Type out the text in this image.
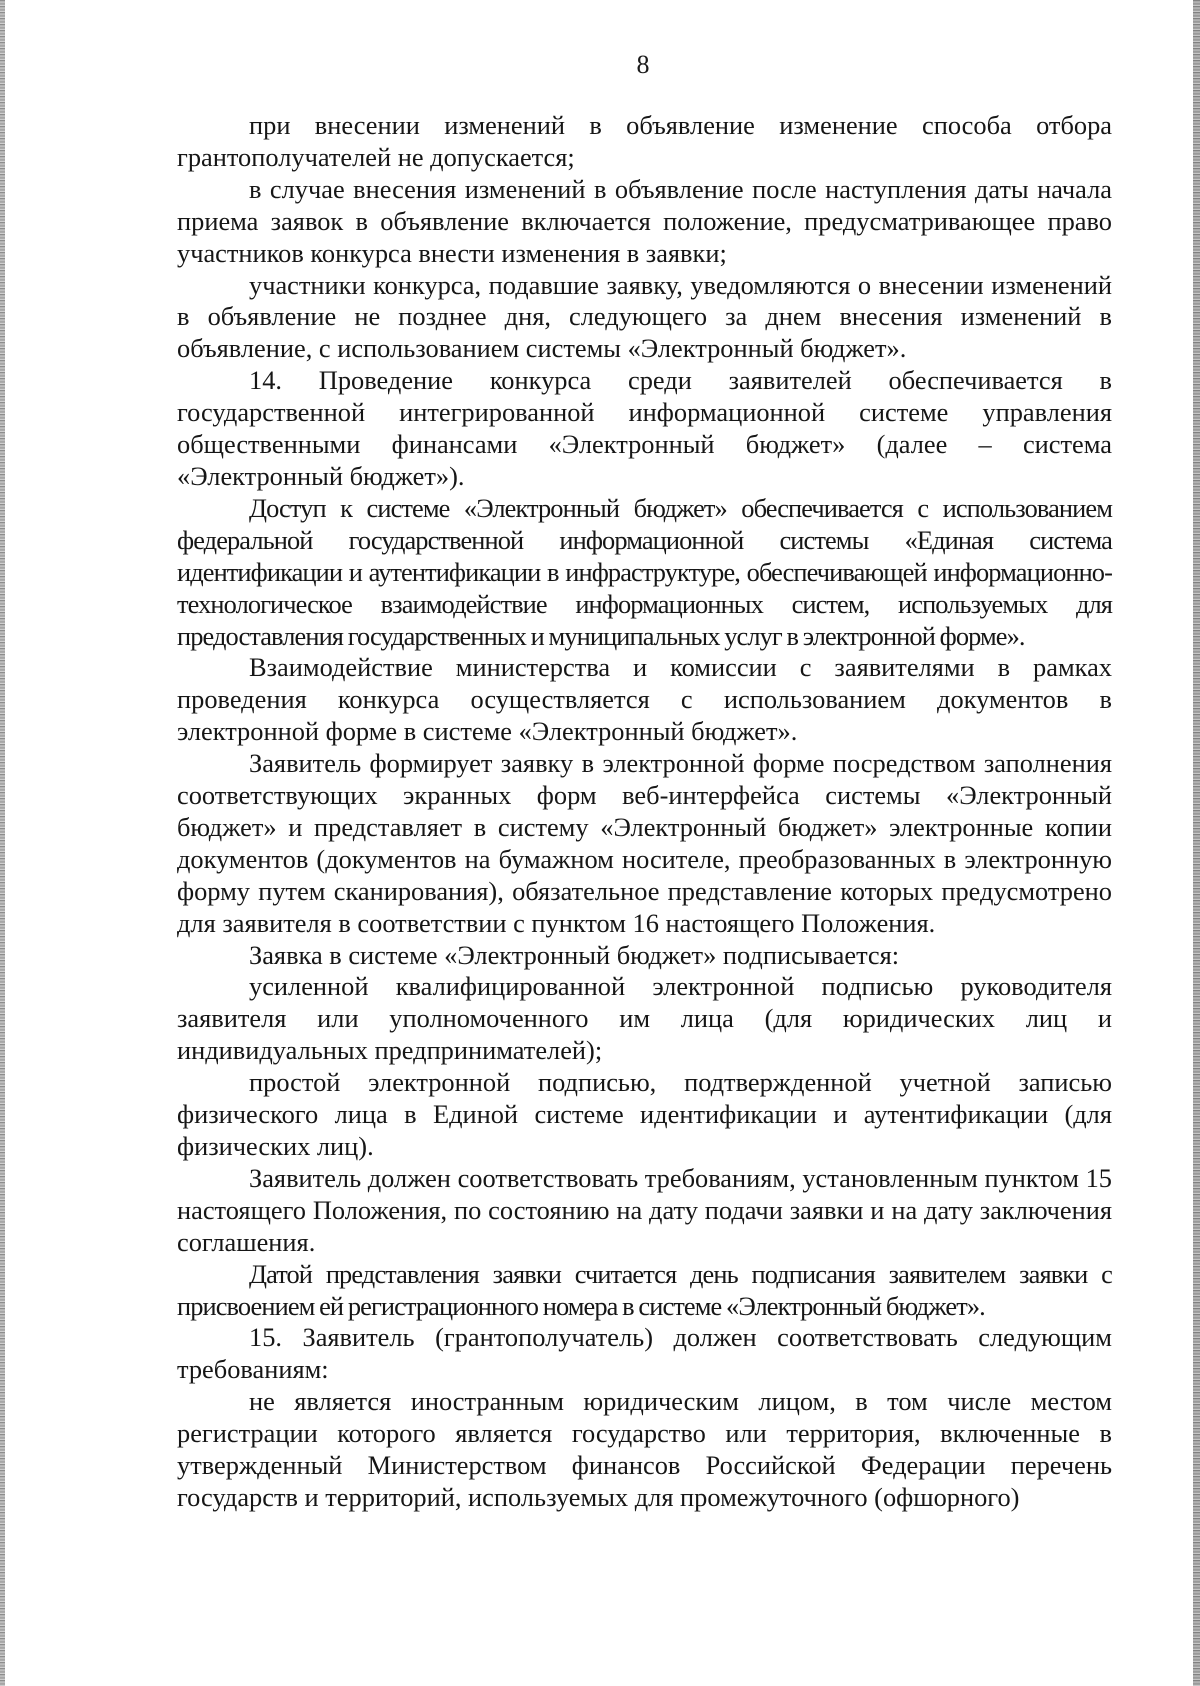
8

при внесении изменений в объявление изменение способа отбора грантополучателей не допускается;

в случае внесения изменений в объявление после наступления даты начала приема заявок в объявление включается положение, предусматривающее право участников конкурса внести изменения в заявки;

участники конкурса, подавшие заявку, уведомляются о внесении изменений в объявление не позднее дня, следующего за днем внесения изменений в объявление, с использованием системы «Электронный бюджет».

14. Проведение конкурса среди заявителей обеспечивается в государственной интегрированной информационной системе управления общественными финансами «Электронный бюджет» (далее – система «Электронный бюджет»).

Доступ к системе «Электронный бюджет» обеспечивается с использованием федеральной государственной информационной системы «Единая система идентификации и аутентификации в инфраструктуре, обеспечивающей информационно-технологическое взаимодействие информационных систем, используемых для предоставления государственных и муниципальных услуг в электронной форме».

Взаимодействие министерства и комиссии с заявителями в рамках проведения конкурса осуществляется с использованием документов в электронной форме в системе «Электронный бюджет».

Заявитель формирует заявку в электронной форме посредством заполнения соответствующих экранных форм веб-интерфейса системы «Электронный бюджет» и представляет в систему «Электронный бюджет» электронные копии документов (документов на бумажном носителе, преобразованных в электронную форму путем сканирования), обязательное представление которых предусмотрено для заявителя в соответствии с пунктом 16 настоящего Положения.

Заявка в системе «Электронный бюджет» подписывается:

усиленной квалифицированной электронной подписью руководителя заявителя или уполномоченного им лица (для юридических лиц и индивидуальных предпринимателей);

простой электронной подписью, подтвержденной учетной записью физического лица в Единой системе идентификации и аутентификации (для физических лиц).

Заявитель должен соответствовать требованиям, установленным пунктом 15 настоящего Положения, по состоянию на дату подачи заявки и на дату заключения соглашения.

Датой представления заявки считается день подписания заявителем заявки с присвоением ей регистрационного номера в системе «Электронный бюджет».

15. Заявитель (грантополучатель) должен соответствовать следующим требованиям:

не является иностранным юридическим лицом, в том числе местом регистрации которого является государство или территория, включенные в утвержденный Министерством финансов Российской Федерации перечень государств и территорий, используемых для промежуточного (офшорного)
